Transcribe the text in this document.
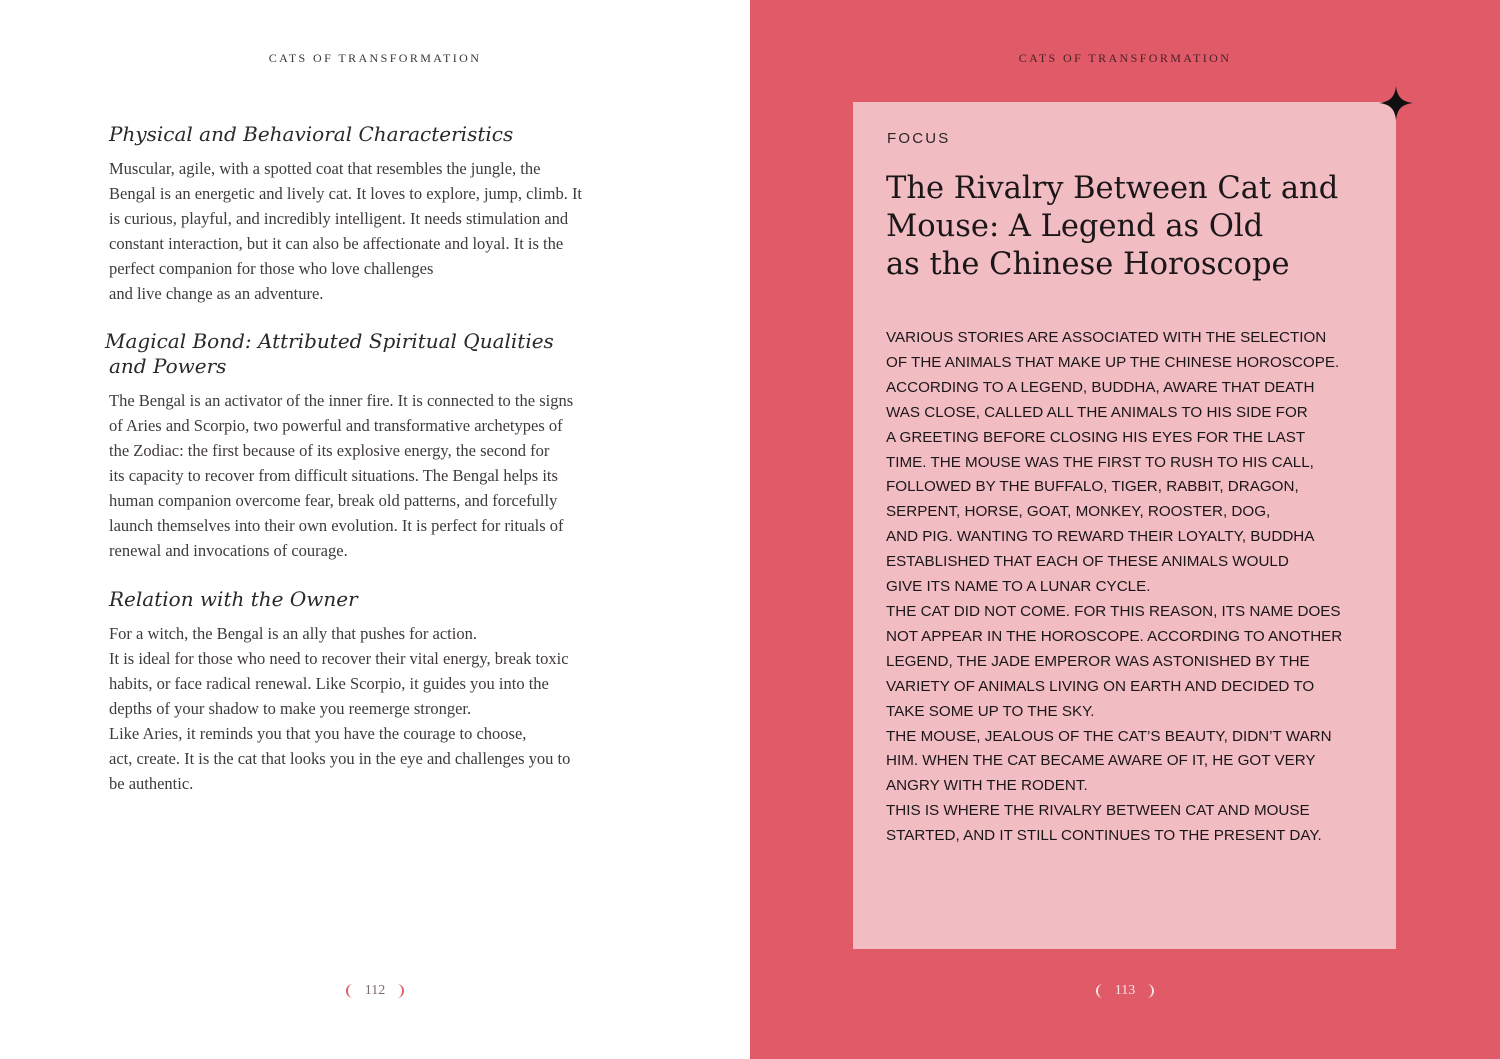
CATS OF TRANSFORMATION
Physical and Behavioral Characteristics

Muscular, agile, with a spotted coat that resembles the jungle, the
Bengal is an energetic and lively cat. It loves to explore, jump, climb. It
is curious, playful, and incredibly intelligent. It needs stimulation and
constant interaction, but it can also be affectionate and loyal. It is the
perfect companion for those who love challenges
and live change as an adventure.

Magical Bond: Attributed Spiritual Qualities
and Powers

The Bengal is an activator of the inner fire. It is connected to the signs
of Aries and Scorpio, two powerful and transformative archetypes of
the Zodiac: the first because of its explosive energy, the second for
its capacity to recover from difficult situations. The Bengal helps its
human companion overcome fear, break old patterns, and forcefully
launch themselves into their own evolution. It is perfect for rituals of
renewal and invocations of courage.

Relation with the Owner

For a witch, the Bengal is an ally that pushes for action.
It is ideal for those who need to recover their vital energy, break toxic
habits, or face radical renewal. Like Scorpio, it guides you into the
depths of your shadow to make you reemerge stronger.
Like Aries, it reminds you that you have the courage to choose,
act, create. It is the cat that looks you in the eye and challenges you to
be authentic.

112
CATS OF TRANSFORMATION
FOCUS
The Rivalry Between Cat and
Mouse: A Legend as Old
as the Chinese Horoscope

VARIOUS STORIES ARE ASSOCIATED WITH THE SELECTION
OF THE ANIMALS THAT MAKE UP THE CHINESE HOROSCOPE.
ACCORDING TO A LEGEND, BUDDHA, AWARE THAT DEATH
WAS CLOSE, CALLED ALL THE ANIMALS TO HIS SIDE FOR
A GREETING BEFORE CLOSING HIS EYES FOR THE LAST
TIME. THE MOUSE WAS THE FIRST TO RUSH TO HIS CALL,
FOLLOWED BY THE BUFFALO, TIGER, RABBIT, DRAGON,
SERPENT, HORSE, GOAT, MONKEY, ROOSTER, DOG,
AND PIG. WANTING TO REWARD THEIR LOYALTY, BUDDHA
ESTABLISHED THAT EACH OF THESE ANIMALS WOULD
GIVE ITS NAME TO A LUNAR CYCLE.
THE CAT DID NOT COME. FOR THIS REASON, ITS NAME DOES
NOT APPEAR IN THE HOROSCOPE. ACCORDING TO ANOTHER
LEGEND, THE JADE EMPEROR WAS ASTONISHED BY THE
VARIETY OF ANIMALS LIVING ON EARTH AND DECIDED TO
TAKE SOME UP TO THE SKY.
THE MOUSE, JEALOUS OF THE CAT’S BEAUTY, DIDN’T WARN
HIM. WHEN THE CAT BECAME AWARE OF IT, HE GOT VERY
ANGRY WITH THE RODENT.
THIS IS WHERE THE RIVALRY BETWEEN CAT AND MOUSE
STARTED, AND IT STILL CONTINUES TO THE PRESENT DAY.

113
